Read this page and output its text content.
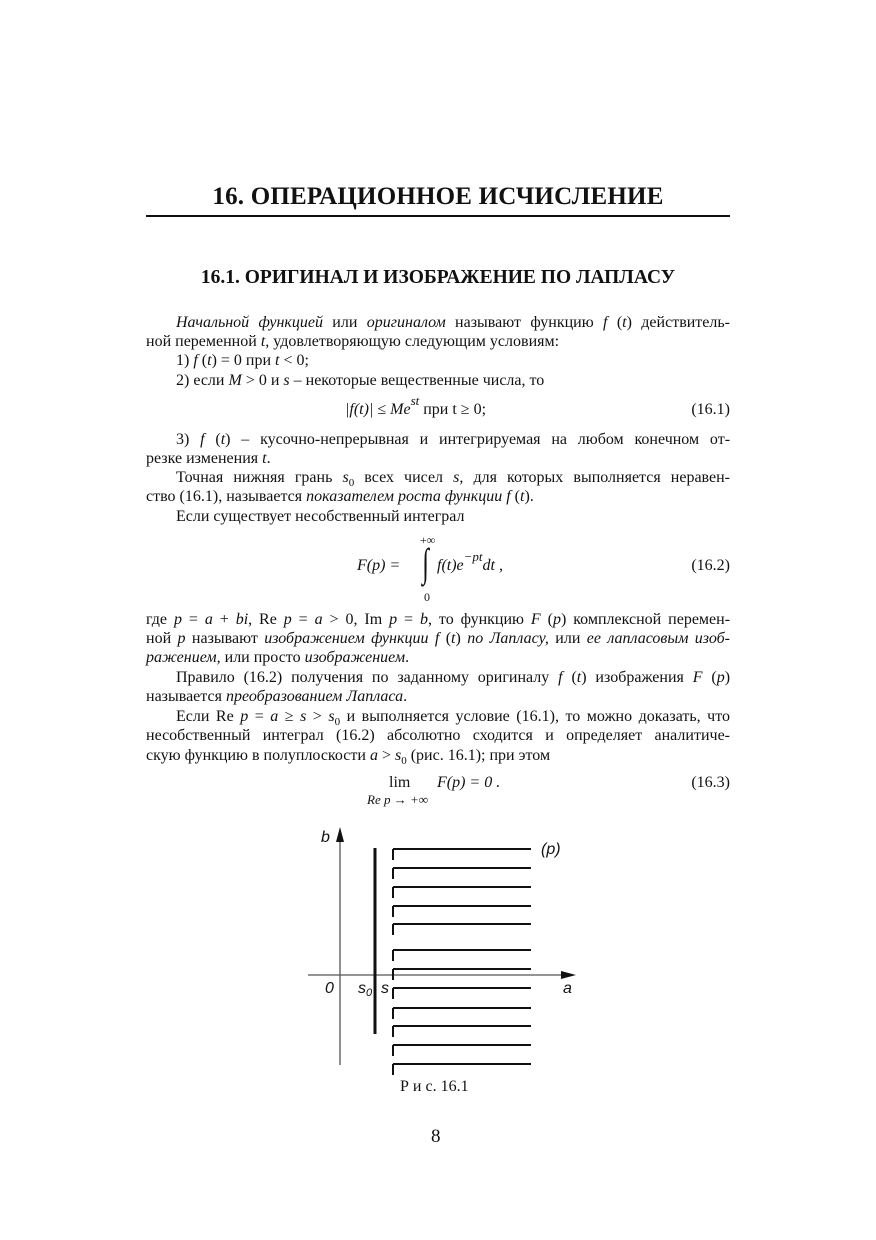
16. ОПЕРАЦИОННОЕ ИСЧИСЛЕНИЕ
16.1. ОРИГИНАЛ И ИЗОБРАЖЕНИЕ ПО ЛАПЛАСУ
Начальной функцией или оригиналом называют функцию f (t) действитель-
ной переменной t, удовлетворяющую следующим условиям:
1) f (t) = 0 при t < 0;
2) если M > 0 и s – некоторые вещественные числа, то
3) f (t) – кусочно-непрерывная и интегрируемая на любом конечном от-
резке изменения t.
Точная нижняя грань $s_0$ всех чисел s, для которых выполняется неравен-
ство (16.1), называется показателем роста функции f (t).
Если существует несобственный интеграл
где p = a + bi, Re p = a > 0, Im p = b, то функцию F (p) комплексной перемен-
ной p называют изображением функции f (t) по Лапласу, или ее лапласовым изоб-
ражением, или просто изображением.
Правило (16.2) получения по заданному оригиналу f (t) изображения F (p)
называется преобразованием Лапласа.
Если Re $p = a \ge s > s_0$ и выполняется условие (16.1), то можно доказать, что
несобственный интеграл (16.2) абсолютно сходится и определяет аналитиче-
скую функцию в полуплоскости $a > s_0$ (рис. 16.1); при этом
$|f(t)| \le Me^{st}$ при t ≥ 0;	(16.1)
F(p) =
+∞
∫
0
$f(t)e^{-pt}dt$ ,	(16.2)
lim
Re p → +∞
F(p) = 0 .	(16.3)
b
a
0 s0 s
(p)
Р и с. 16.1
8
